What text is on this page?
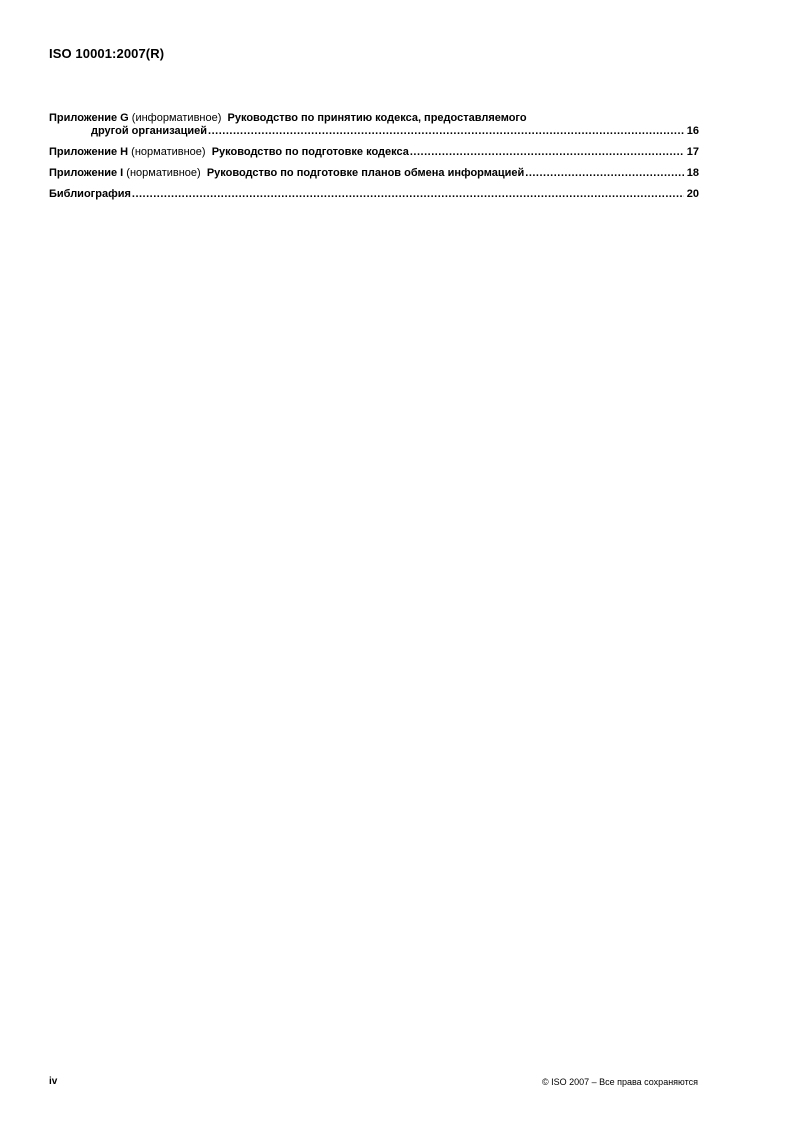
ISO 10001:2007(R)
Приложение G
(информативное)
Руководство по принятию кодекса, предоставляемого
другой организацией .....	16
Приложение H
(нормативное)
Руководство по подготовке кодекса .....	17
Приложение I
(нормативное)
Руководство по подготовке планов обмена информацией .....	18
Библиография .....	20
iv	© ISO 2007 – Все права сохраняются
